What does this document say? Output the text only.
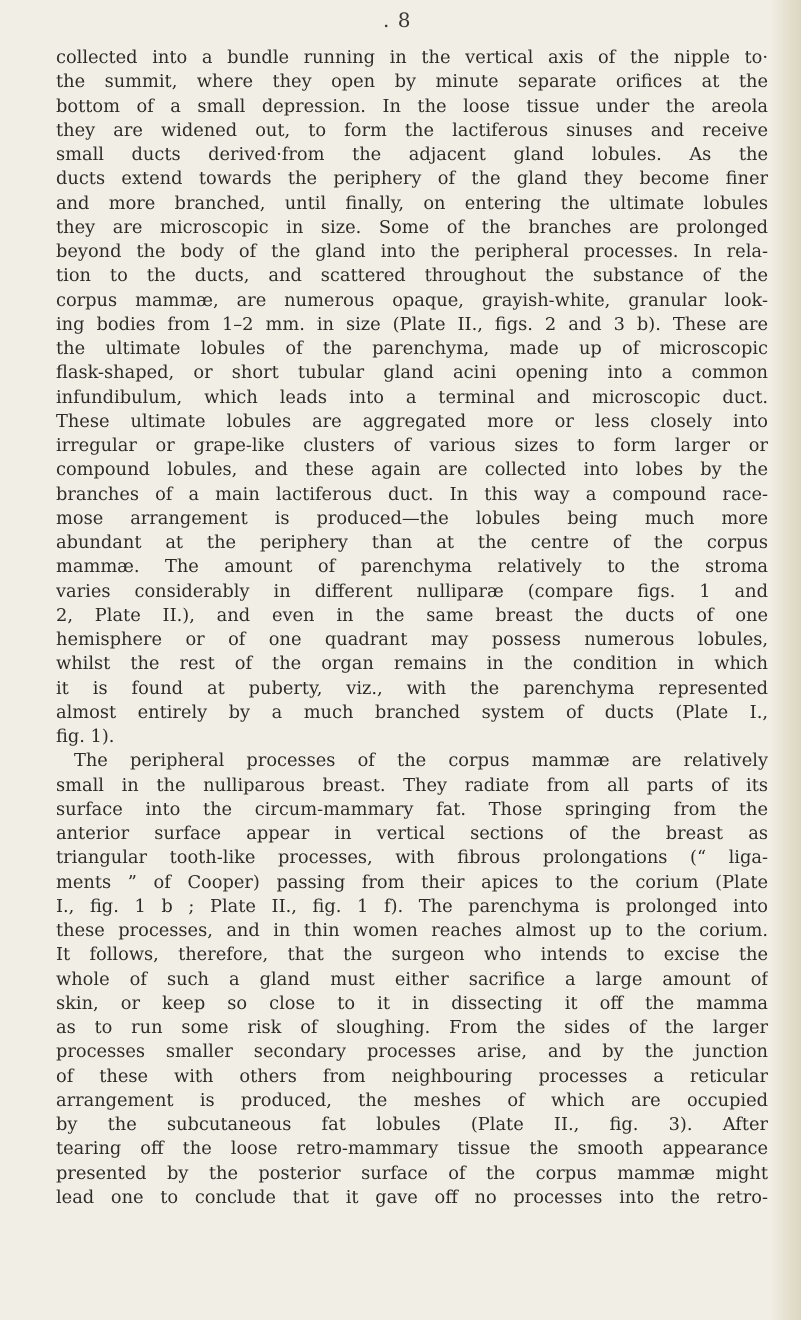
. 8
collected into a bundle running in the vertical axis of the nipple to·
the summit, where they open by minute separate orifices at the
bottom of a small depression. In the loose tissue under the areola
they are widened out, to form the lactiferous sinuses and receive
small ducts derived·from the adjacent gland lobules. As the
ducts extend towards the periphery of the gland they become finer
and more branched, until finally, on entering the ultimate lobules
they are microscopic in size. Some of the branches are prolonged
beyond the body of the gland into the peripheral processes. In rela-
tion to the ducts, and scattered throughout the substance of the
corpus mammæ, are numerous opaque, grayish-white, granular look-
ing bodies from 1–2 mm. in size (Plate II., figs. 2 and 3 b). These are
the ultimate lobules of the parenchyma, made up of microscopic
flask-shaped, or short tubular gland acini opening into a common
infundibulum, which leads into a terminal and microscopic duct.
These ultimate lobules are aggregated more or less closely into
irregular or grape-like clusters of various sizes to form larger or
compound lobules, and these again are collected into lobes by the
branches of a main lactiferous duct. In this way a compound race-
mose arrangement is produced—the lobules being much more
abundant at the periphery than at the centre of the corpus
mammæ. The amount of parenchyma relatively to the stroma
varies considerably in different nulliparæ (compare figs. 1 and
2, Plate II.), and even in the same breast the ducts of one
hemisphere or of one quadrant may possess numerous lobules,
whilst the rest of the organ remains in the condition in which
it is found at puberty, viz., with the parenchyma represented
almost entirely by a much branched system of ducts (Plate I.,
fig. 1).
The peripheral processes of the corpus mammæ are relatively
small in the nulliparous breast. They radiate from all parts of its
surface into the circum-mammary fat. Those springing from the
anterior surface appear in vertical sections of the breast as
triangular tooth-like processes, with fibrous prolongations (“ liga-
ments ” of Cooper) passing from their apices to the corium (Plate
I., fig. 1 b ; Plate II., fig. 1 f). The parenchyma is prolonged into
these processes, and in thin women reaches almost up to the corium.
It follows, therefore, that the surgeon who intends to excise the
whole of such a gland must either sacrifice a large amount of
skin, or keep so close to it in dissecting it off the mamma
as to run some risk of sloughing. From the sides of the larger
processes smaller secondary processes arise, and by the junction
of these with others from neighbouring processes a reticular
arrangement is produced, the meshes of which are occupied
by the subcutaneous fat lobules (Plate II., fig. 3). After
tearing off the loose retro-mammary tissue the smooth appearance
presented by the posterior surface of the corpus mammæ might
lead one to conclude that it gave off no processes into the retro-
